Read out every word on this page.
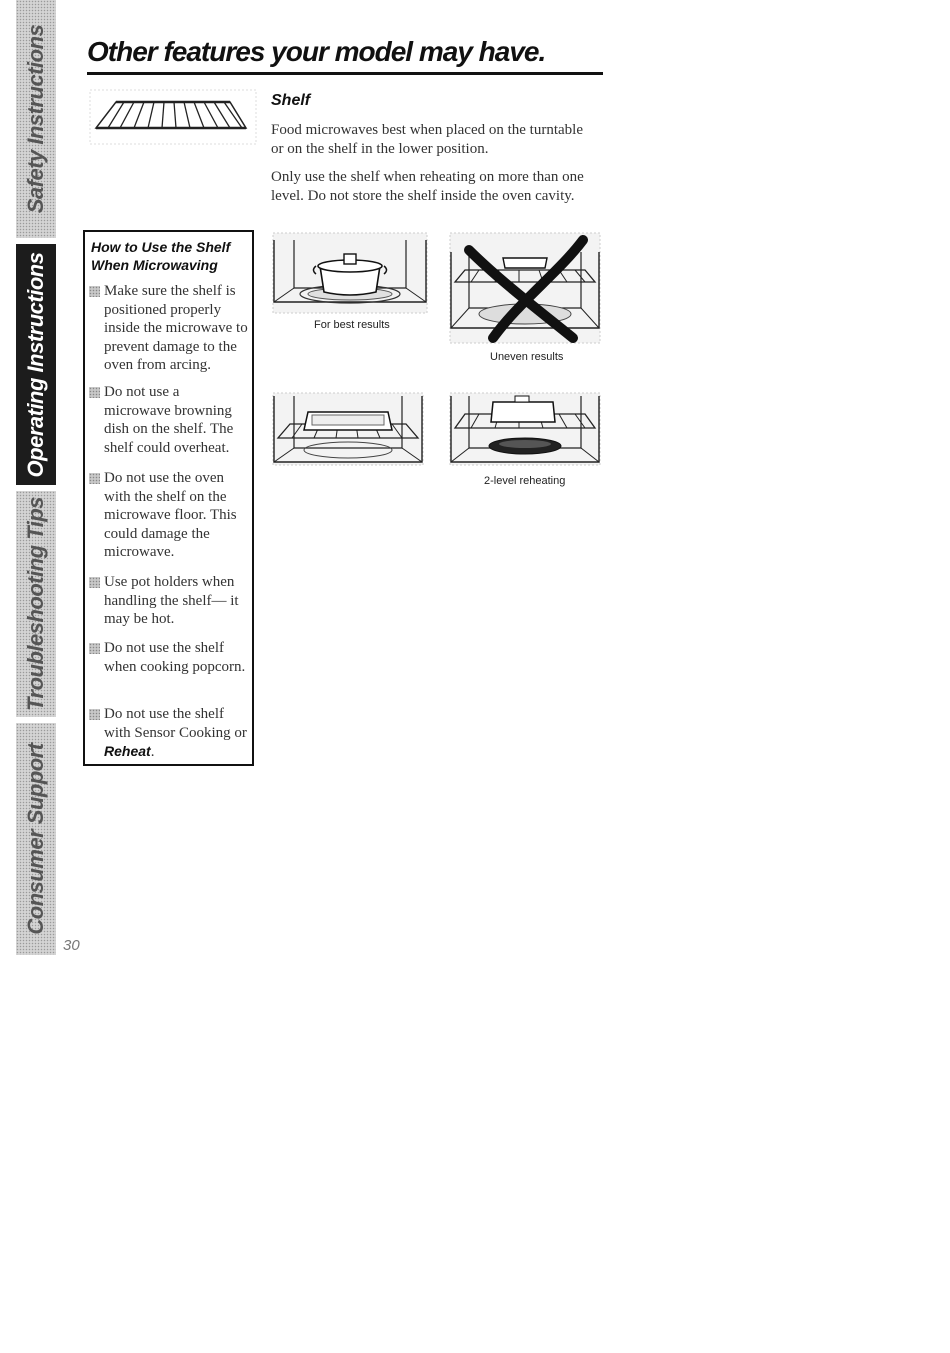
Safety Instructions
Operating Instructions
Troubleshooting Tips
Consumer Support
Other features your model may have.
Shelf

Food microwaves best when placed on the turntable or on the shelf in the lower position.

Only use the shelf when reheating on more than one level. Do not store the shelf inside the oven cavity.

How to Use the Shelf When Microwaving
Make sure the shelf is positioned properly inside the microwave to prevent damage to the oven from arcing.
Do not use a microwave browning dish on the shelf. The shelf could overheat.
Do not use the oven with the shelf on the microwave floor. This could damage the microwave.
Use pot holders when handling the shelf— it may be hot.
Do not use the shelf when cooking popcorn.
Do not use the shelf with Sensor Cooking or Reheat.
For best results
Uneven results
2-level reheating
30
